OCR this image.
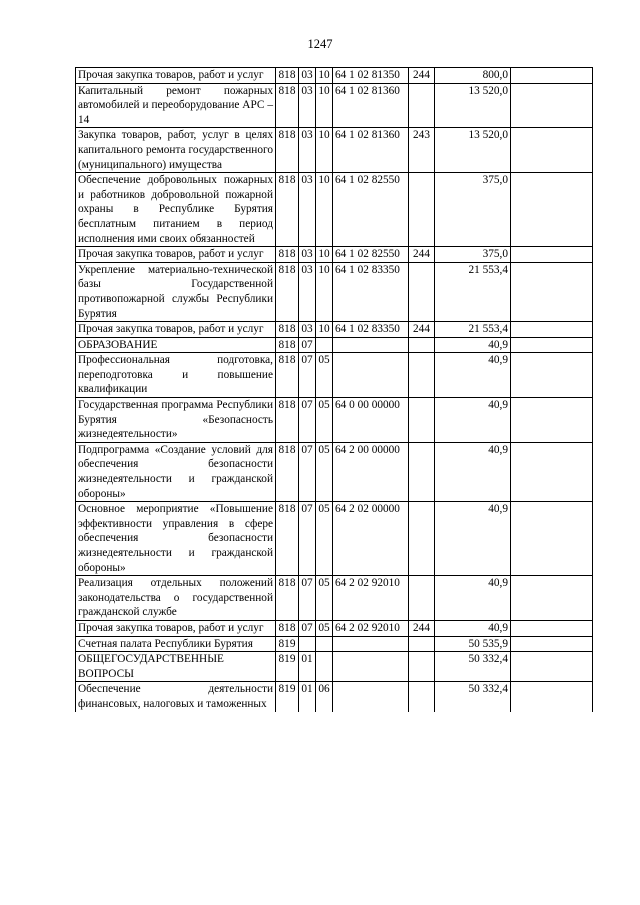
1247
Прочая закупка товаров, работ и услуг	818	03	10	64 1 02 81350	244	800,0	
Капитальный ремонт пожарных автомобилей и переоборудование АРС – 14	818	03	10	64 1 02 81360		13 520,0	
Закупка товаров, работ, услуг в целях капитального ремонта государственного (муниципального) имущества	818	03	10	64 1 02 81360	243	13 520,0	
Обеспечение добровольных пожарных и работников добровольной пожарной охраны в Республике Бурятия бесплатным питанием в период исполнения ими своих обязанностей	818	03	10	64 1 02 82550		375,0	
Прочая закупка товаров, работ и услуг	818	03	10	64 1 02 82550	244	375,0	
Укрепление материально-технической базы Государственной противопожарной службы Республики Бурятия	818	03	10	64 1 02 83350		21 553,4	
Прочая закупка товаров, работ и услуг	818	03	10	64 1 02 83350	244	21 553,4	
ОБРАЗОВАНИЕ	818	07				40,9	
Профессиональная подготовка, переподготовка и повышение квалификации	818	07	05			40,9	
Государственная программа Республики Бурятия «Безопасность жизнедеятельности»	818	07	05	64 0 00 00000		40,9	
Подпрограмма «Создание условий для обеспечения безопасности жизнедеятельности и гражданской обороны»	818	07	05	64 2 00 00000		40,9	
Основное мероприятие «Повышение эффективности управления в сфере обеспечения безопасности жизнедеятельности и гражданской обороны»	818	07	05	64 2 02 00000		40,9	
Реализация отдельных положений законодательства о государственной гражданской службе	818	07	05	64 2 02 92010		40,9	
Прочая закупка товаров, работ и услуг	818	07	05	64 2 02 92010	244	40,9	
Счетная палата Республики Бурятия	819					50 535,9	
ОБЩЕГОСУДАРСТВЕННЫЕ ВОПРОСЫ	819	01				50 332,4	
Обеспечение деятельности финансовых, налоговых и таможенных	819	01	06			50 332,4	
